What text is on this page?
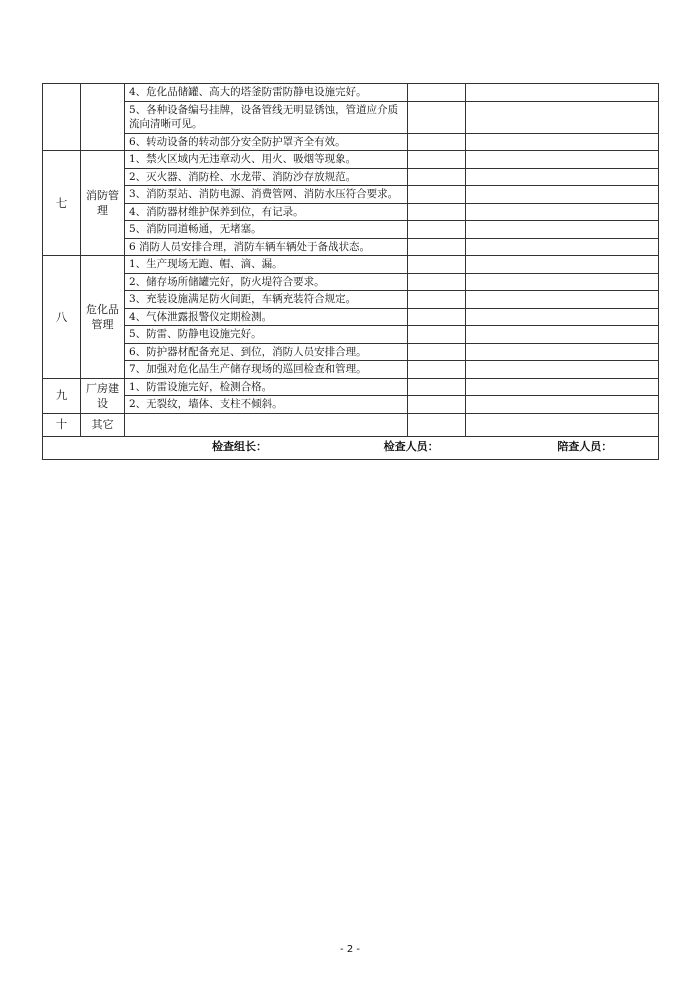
		4、危化品储罐、高大的塔釜防雷防静电设施完好。		
		5、各种设备编号挂牌，设备管线无明显锈蚀，管道应介质流向清晰可见。		
		6、转动设备的转动部分安全防护罩齐全有效。		
七	消防管理	1、禁火区域内无违章动火、用火、吸烟等现象。		
		2、灭火器、消防栓、水龙带、消防沙存放规范。		
		3、消防泵站、消防电源、消费管网、消防水压符合要求。		
		4、消防器材维护保养到位，有记录。		
		5、消防同道畅通，无堵塞。		
		6 消防人员安排合理，消防车辆车辆处于备战状态。		
八	危化品管理	1、生产现场无跑、帽、滴、漏。		
		2、储存场所储罐完好，防火堤符合要求。		
		3、充装设施满足防火间距，车辆充装符合规定。		
		4、气体泄露报警仪定期检测。		
		5、防雷、防静电设施完好。		
		6、防护器材配备充足、到位，消防人员安排合理。		
		7、加强对危化品生产储存现场的巡回检查和管理。		
九	厂房建设	1、防雷设施完好，检测合格。		
		2、无裂纹，墙体、支柱不倾斜。		
十	其它			

检查组长： 检查人员： 陪查人员：				
- 2 -
